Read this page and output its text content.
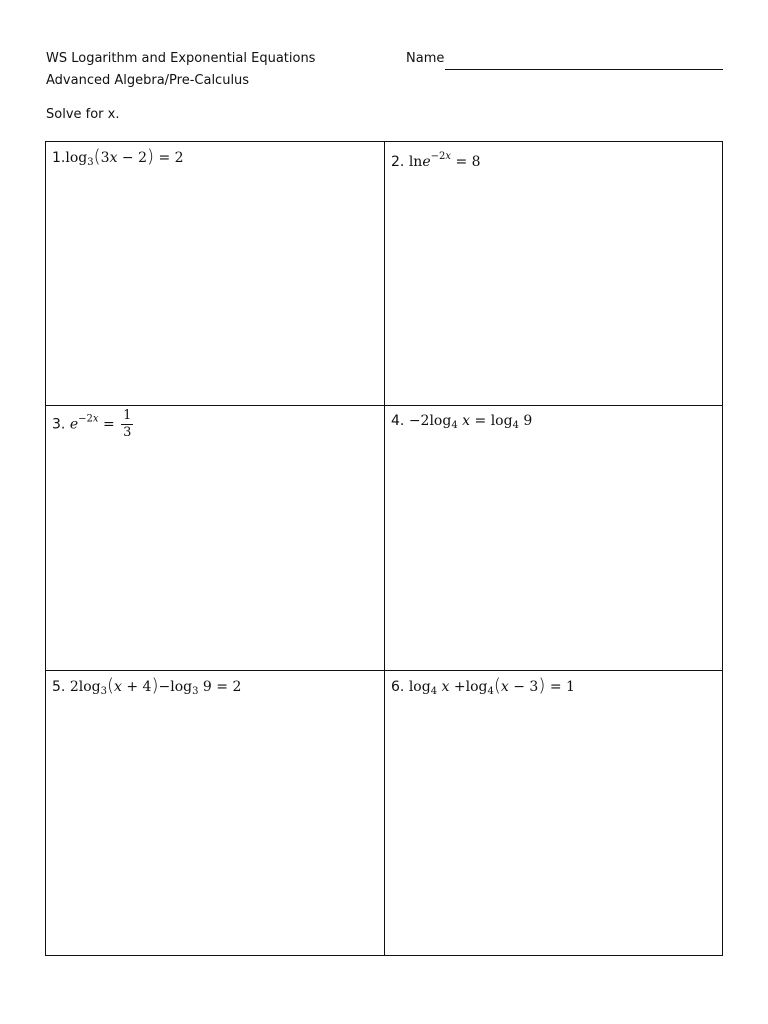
WS Logarithm and Exponential Equations
Advanced Algebra/Pre-Calculus
Name
Solve for x.
$1.\log_3(3x - 2) = 2$	2. lne$^{-2x}$ = 8
3. $e^{-2x} = \frac{1}{3}$	4. $-2\log_4$ $x = \log_4 9$
5. $2\log_3(x + 4)-\log_3$ 9 = 2	6. $\log_4 x +\log_4(x - 3) = 1$
